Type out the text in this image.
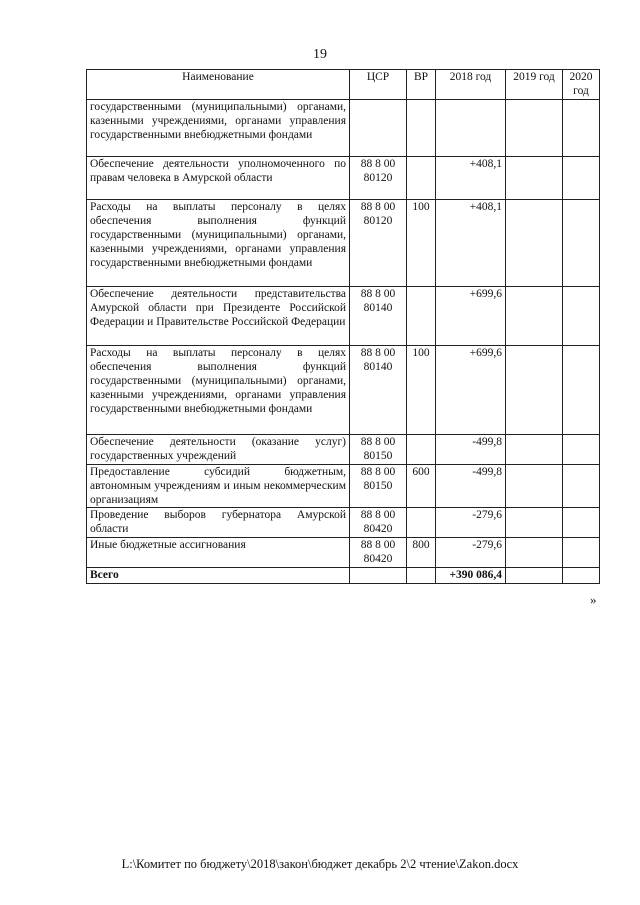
19
Наименование	ЦСР	ВР	2018 год	2019 год	2020 год
государственными (муниципальными) органами, казенными учреждениями, органами управления государственными внебюджетными фондами					
Обеспечение деятельности уполномоченного по правам человека в Амурской области	88 8 00 80120		+408,1		
Расходы на выплаты персоналу в целях обеспечения выполнения функций государственными (муниципальными) органами, казенными учреждениями, органами управления государственными внебюджетными фондами	88 8 00 80120	100	+408,1		
Обеспечение деятельности представительства Амурской области при Президенте Российской Федерации и Правительстве Российской Федерации	88 8 00 80140		+699,6		
Расходы на выплаты персоналу в целях обеспечения выполнения функций государственными (муниципальными) органами, казенными учреждениями, органами управления государственными внебюджетными фондами	88 8 00 80140	100	+699,6		
Обеспечение деятельности (оказание услуг) государственных учреждений	88 8 00 80150		-499,8		
Предоставление субсидий бюджетным, автономным учреждениям и иным некоммерческим организациям	88 8 00 80150	600	-499,8		
Проведение выборов губернатора Амурской области	88 8 00 80420		-279,6		
Иные бюджетные ассигнования	88 8 00 80420	800	-279,6		
Всего			+390 086,4		
»
L:\Комитет по бюджету\2018\закон\бюджет декабрь 2\2 чтение\Zakon.docx
